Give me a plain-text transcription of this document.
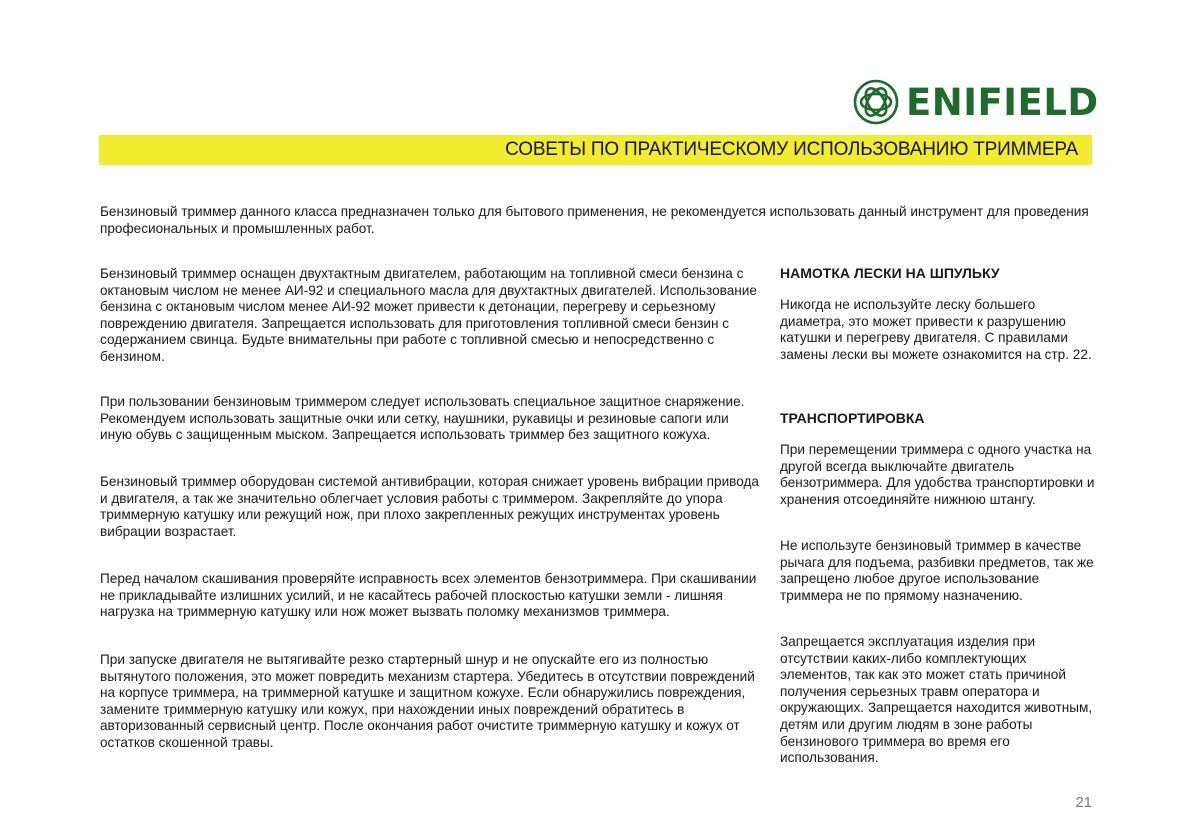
ENIFIELD
СОВЕТЫ ПО ПРАКТИЧЕСКОМУ ИСПОЛЬЗОВАНИЮ ТРИММЕРА

Бензиновый триммер данного класса предназначен только для бытового применения, не рекомендуется использовать данный инструмент для проведения професиональных и промышленных работ.

Бензиновый триммер оснащен двухтактным двигателем, работающим на топливной смеси бензина с октановым числом не менее АИ-92 и специального масла для двухтактных двигателей. Использование бензина с октановым числом менее АИ-92 может привести к детонации, перегреву и серьезному повреждению двигателя. Запрещается использовать для приготовления топливной смеси бензин с содержанием свинца. Будьте внимательны при работе с топливной смесью и непосредственно с бензином.

При пользовании бензиновым триммером следует использовать специальное защитное снаряжение. Рекомендуем использовать защитные очки или сетку, наушники, рукавицы и резиновые сапоги или иную обувь с защищенным мыском. Запрещается использовать триммер без защитного кожуха.

Бензиновый триммер оборудован системой антивибрации, которая снижает уровень вибрации привода и двигателя, а так же значительно облегчает условия работы с триммером. Закрепляйте до упора триммерную катушку или режущий нож, при плохо закрепленных режущих инструментах уровень вибрации возрастает.

Перед началом скашивания проверяйте исправность всех элементов бензотриммера. При скашивании не прикладывайте излишних усилий, и не касайтесь рабочей плоскостью катушки земли - лишняя нагрузка на триммерную катушку или нож может вызвать поломку механизмов триммера.

При запуске двигателя не вытягивайте резко стартерный шнур и не опускайте его из полностью вытянутого положения, это может повредить механизм стартера. Убедитесь в отсутствии повреждений на корпусе триммера, на триммерной катушке и защитном кожухе. Если обнаружились повреждения, замените триммерную катушку или кожух, при нахождении иных повреждений обратитесь в авторизованный сервисный центр. После окончания работ очистите триммерную катушку и кожух от остатков скошенной травы.

НАМОТКА ЛЕСКИ НА ШПУЛЬКУ

Никогда не используйте леску большего диаметра, это может привести к разрушению катушки и перегреву двигателя. С правилами замены лески вы можете ознакомится на стр. 22.

ТРАНСПОРТИРОВКА

При перемещении триммера с одного участка на другой всегда выключайте двигатель бензотриммера. Для удобства транспортировки и хранения отсоединяйте нижнюю штангу.

Не используте бензиновый триммер в качестве рычага для подъема, разбивки предметов, так же запрещено любое другое использование триммера не по прямому назначению.

Запрещается эксплуатация изделия при отсутствии каких-либо комплектующих элементов, так как это может стать причиной получения серьезных травм оператора и окружающих. Запрещается находится животным, детям или другим людям в зоне работы бензинового триммера во время его использования.

21
